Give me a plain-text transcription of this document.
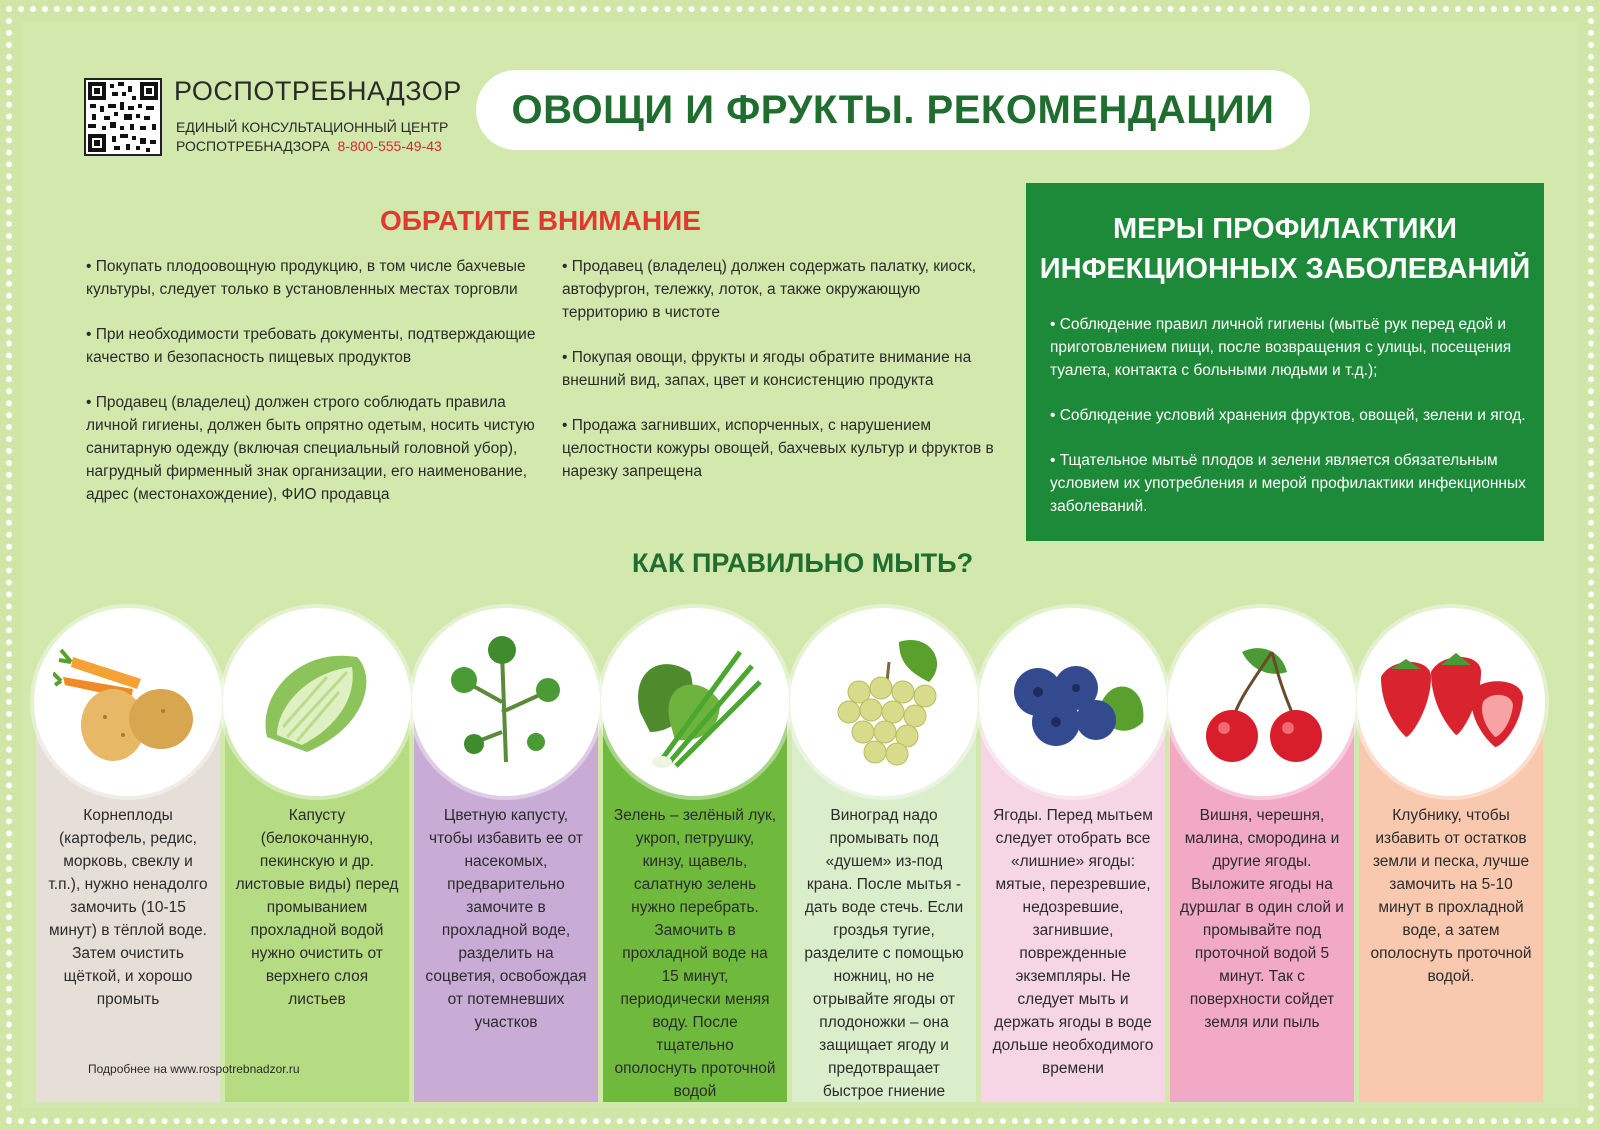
РОСПОТРЕБНАДЗОР
ЕДИНЫЙ КОНСУЛЬТАЦИОННЫЙ ЦЕНТР
РОСПОТРЕБНАДЗОРА 8-800-555-49-43
ОВОЩИ И ФРУКТЫ. РЕКОМЕНДАЦИИ
ОБРАТИТЕ ВНИМАНИЕ

• Покупать плодоовощную продукцию, в том числе бахчевые культуры, следует только в установленных местах торговли

• При необходимости требовать документы, подтверждающие качество и безопасность пищевых продуктов

• Продавец (владелец) должен строго соблюдать правила личной гигиены, должен быть опрятно одетым, носить чистую санитарную одежду (включая специальный головной убор), нагрудный фирменный знак организации, его наименование, адрес (местонахождение), ФИО продавца

• Продавец (владелец) должен содержать палатку, киоск, автофургон, тележку, лоток, а также окружающую территорию в чистоте

• Покупая овощи, фрукты и ягоды обратите внимание на внешний вид, запах, цвет и консистенцию продукта

• Продажа загнивших, испорченных, с нарушением целостности кожуры овощей, бахчевых культур и фруктов в нарезку запрещена

МЕРЫ ПРОФИЛАКТИКИ ИНФЕКЦИОННЫХ ЗАБОЛЕВАНИЙ

• Соблюдение правил личной гигиены (мытьё рук перед едой и приготовлением пищи, после возвращения с улицы, посещения туалета, контакта с больными людьми и т.д.);

• Соблюдение условий хранения фруктов, овощей, зелени и ягод.

• Тщательное мытьё плодов и зелени является обязательным условием их употребления и мерой профилактики инфекционных заболеваний.

КАК ПРАВИЛЬНО МЫТЬ?
Корнеплоды (картофель, редис, морковь, свеклу и т.п.), нужно ненадолго замочить (10-15 минут) в тёплой воде. Затем очистить щёткой, и хорошо промыть
Капусту (белокочанную, пекинскую и др. листовые виды) перед промыванием прохладной водой нужно очистить от верхнего слоя листьев
Цветную капусту, чтобы избавить ее от насекомых, предварительно замочите в прохладной воде, разделить на соцветия, освобождая от потемневших участков
Зелень – зелёный лук, укроп, петрушку, кинзу, щавель, салатную зелень нужно перебрать. Замочить в прохладной воде на 15 минут, периодически меняя воду. После тщательно ополоснуть проточной водой
Виноград надо промывать под «душем» из-под крана. После мытья - дать воде стечь. Если гроздья тугие, разделите с помощью ножниц, но не отрывайте ягоды от плодоножки – она защищает ягоду и предотвращает быстрое гниение
Ягоды. Перед мытьем следует отобрать все «лишние» ягоды: мятые, перезревшие, недозревшие, загнившие, поврежденные экземпляры. Не следует мыть и держать ягоды в воде дольше необходимого времени
Вишня, черешня, малина, смородина и другие ягоды. Выложите ягоды на дуршлаг в один слой и промывайте под проточной водой 5 минут. Так с поверхности сойдет земля или пыль
Клубнику, чтобы избавить от остатков земли и песка, лучше замочить на 5-10 минут в прохладной воде, а затем ополоснуть проточной водой.
Подробнее на www.rospotrebnadzor.ru
